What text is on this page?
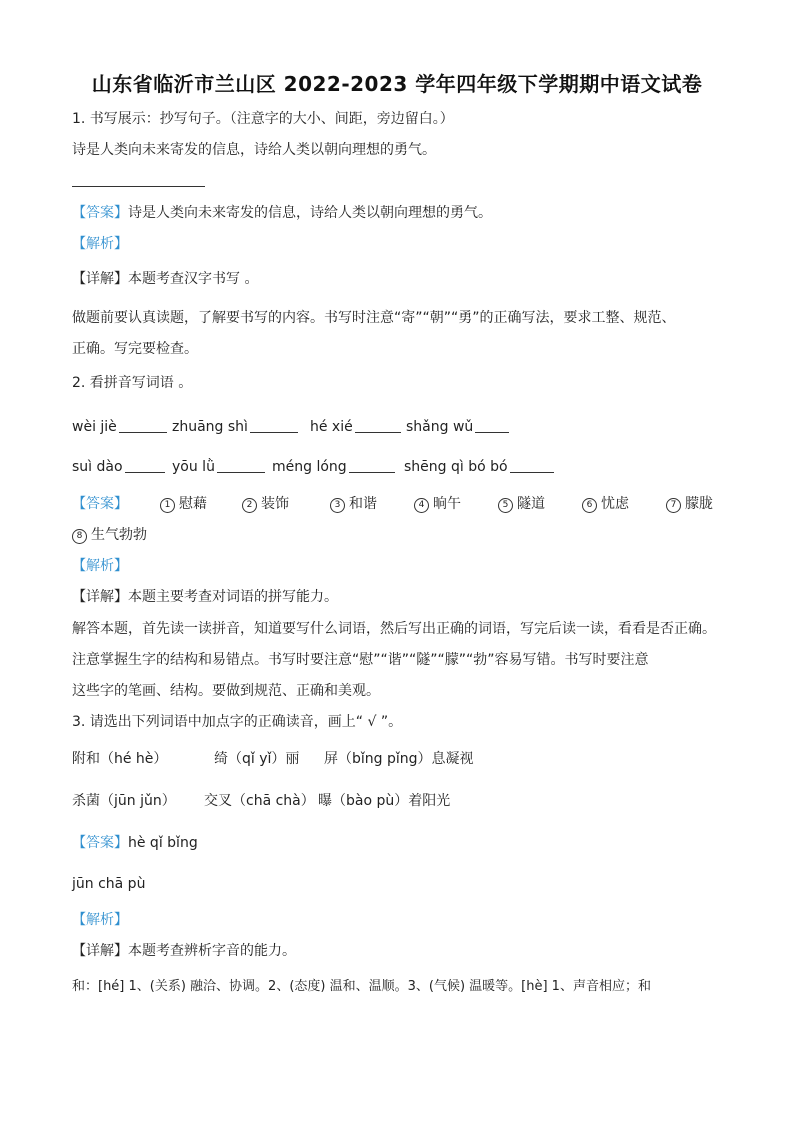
山东省临沂市兰山区 2022-2023 学年四年级下学期期中语文试卷
1. 书写展示：抄写句子。（注意字的大小、间距，旁边留白。）
诗是人类向未来寄发的信息，诗给人类以朝向理想的勇气。
【答案】诗是人类向未来寄发的信息，诗给人类以朝向理想的勇气。
【解析】
【详解】本题考查汉字书写 。
做题前要认真读题，了解要书写的内容。书写时注意“寄”“朝”“勇”的正确写法，要求工整、规范、
正确。写完要检查。
2. 看拼音写词语 。
wèi jiè	zhuāng shì	hé xié	shǎng wǔ
suì dào	yōu lǜ	méng lóng	shēng qì bó bó
【答案】	1 慰藉	2 装饰	3 和谐	4 晌午	5 隧道	6 忧虑	7 朦胧
8 生气勃勃
【解析】
【详解】本题主要考查对词语的拼写能力。
解答本题，首先读一读拼音，知道要写什么词语，然后写出正确的词语，写完后读一读，看看是否正确。
注意掌握生字的结构和易错点。书写时要注意“慰”“谐”“隧”“朦”“勃”容易写错。书写时要注意
这些字的笔画、结构。要做到规范、正确和美观。
3. 请选出下列词语中加点字的正确读音，画上“ √ ”。
附和（hé hè）	绮（qǐ yǐ）丽 屏（bǐng pǐng）息凝视
杀菌（jūn jǔn） 交叉（chā chà） 曝（bào pù）着阳光
【答案】hè qǐ bǐng
jūn chā pù
【解析】
【详解】本题考查辨析字音的能力。
和：[hé] 1、(关系) 融洽、协调。2、(态度) 温和、温顺。3、(气候) 温暖等。[hè] 1、声音相应；和
